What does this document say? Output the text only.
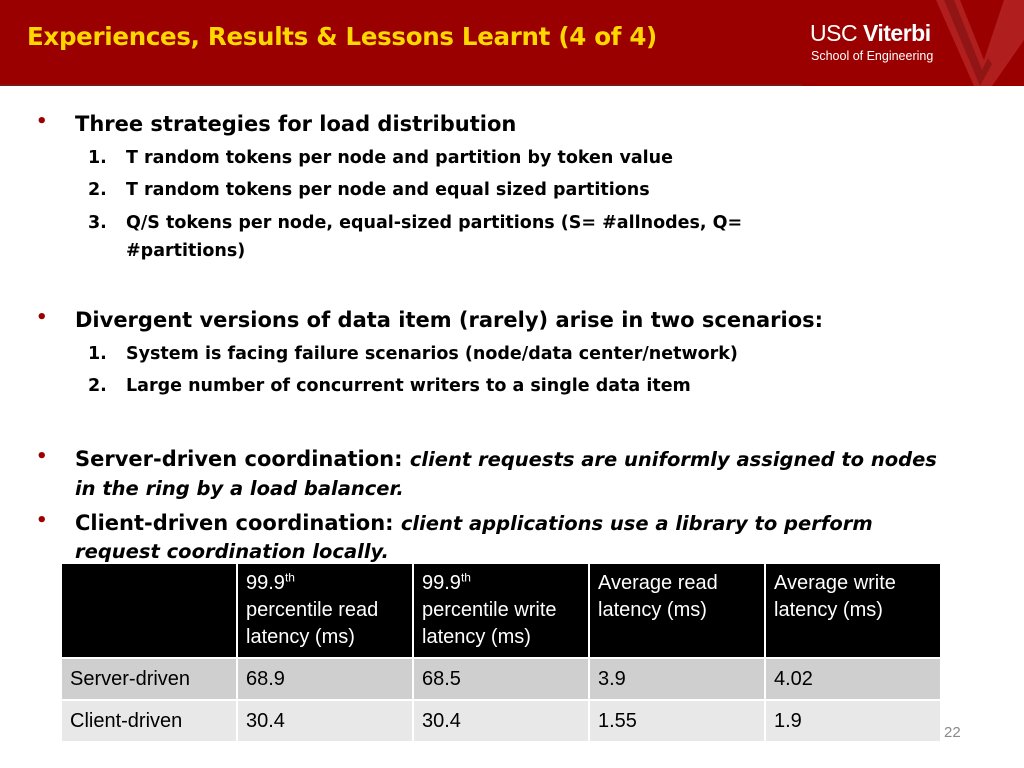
Experiences, Results & Lessons Learnt (4 of 4)	USC Viterbi
School of Engineering
• Three strategies for load distribution
1. T random tokens per node and partition by token value
2. T random tokens per node and equal sized partitions
3. Q/S tokens per node, equal-sized partitions (S= #allnodes, Q=
#partitions)
• Divergent versions of data item (rarely) arise in two scenarios:
1. System is facing failure scenarios (node/data center/network)
2. Large number of concurrent writers to a single data item
• Server-driven coordination: client requests are uniformly assigned to nodes
in the ring by a load balancer.
• Client-driven coordination: client applications use a library to perform
request coordination locally.
	99.9th
percentile read latency (ms)	99.9th
percentile write latency (ms)	Average read latency (ms)	Average write latency (ms)
Server-driven	68.9	68.5	3.9	4.02
Client-driven	30.4	30.4	1.55	1.9
22
